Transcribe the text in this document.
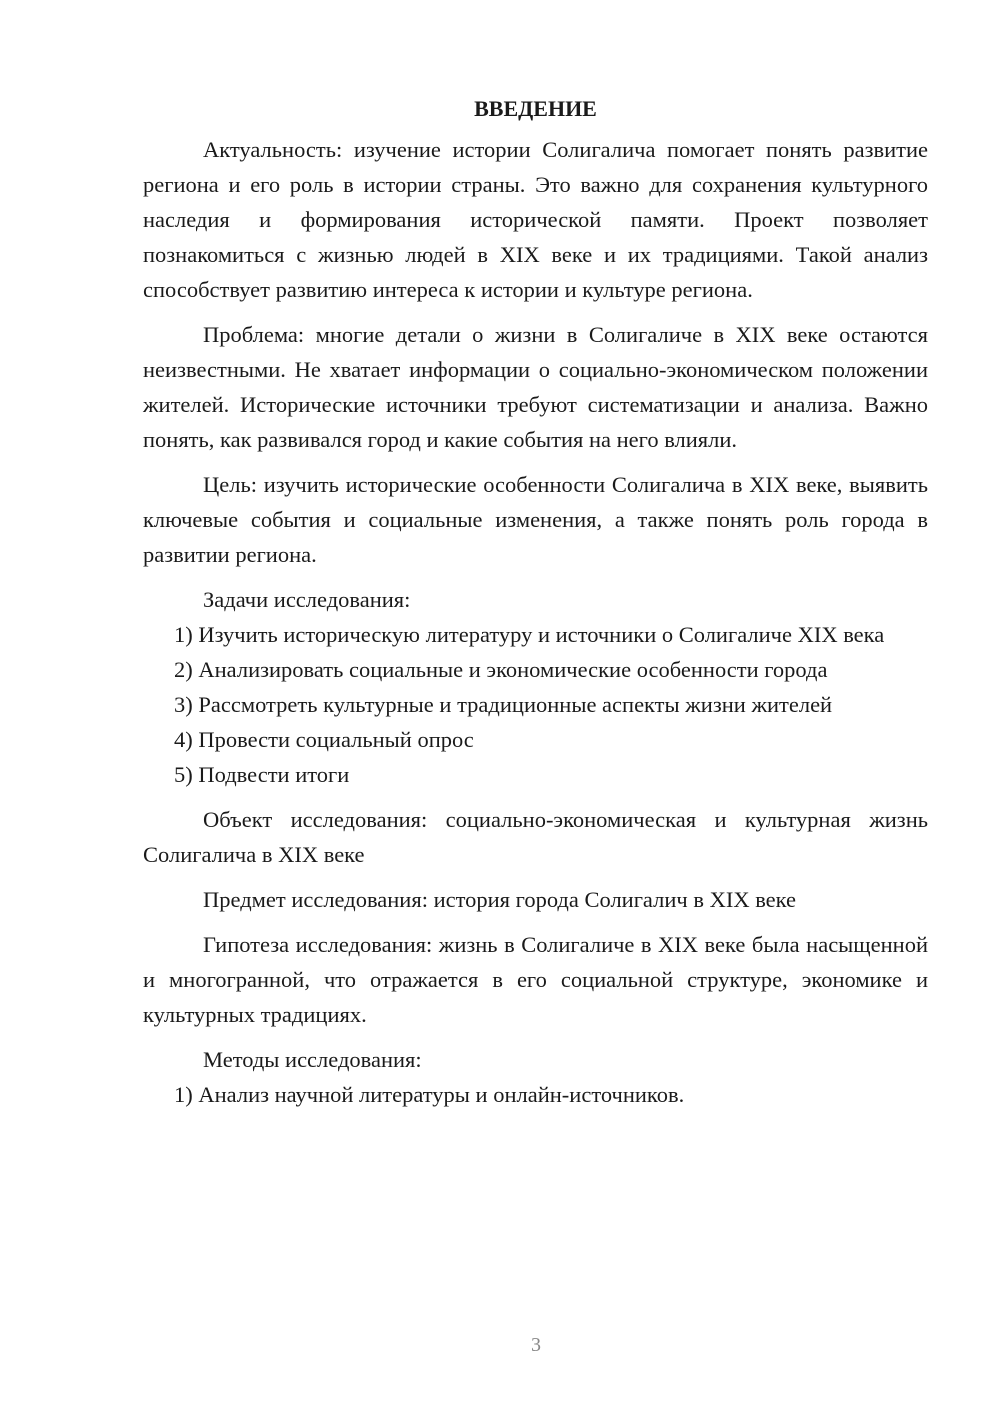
ВВЕДЕНИЕ

Актуальность: изучение истории Солигалича помогает понять развитие региона и его роль в истории страны. Это важно для сохранения культурного наследия и формирования исторической памяти. Проект позволяет познакомиться с жизнью людей в XIX веке и их традициями. Такой анализ способствует развитию интереса к истории и культуре региона.

Проблема: многие детали о жизни в Солигаличе в XIX веке остаются неизвестными. Не хватает информации о социально-экономическом положении жителей. Исторические источники требуют систематизации и анализа. Важно понять, как развивался город и какие события на него влияли.

Цель: изучить исторические особенности Солигалича в XIX веке, выявить ключевые события и социальные изменения, а также понять роль города в развитии региона.

Задачи исследования:

1) Изучить историческую литературу и источники о Солигаличе XIX века

2) Анализировать социальные и экономические особенности города

3) Рассмотреть культурные и традиционные аспекты жизни жителей

4) Провести социальный опрос

5) Подвести итоги

Объект исследования: социально-экономическая и культурная жизнь Солигалича в XIX веке

Предмет исследования: история города Солигалич в XIX веке

Гипотеза исследования: жизнь в Солигаличе в XIX веке была насыщенной и многогранной, что отражается в его социальной структуре, экономике и культурных традициях.

Методы исследования:

1) Анализ научной литературы и онлайн-источников.

3
